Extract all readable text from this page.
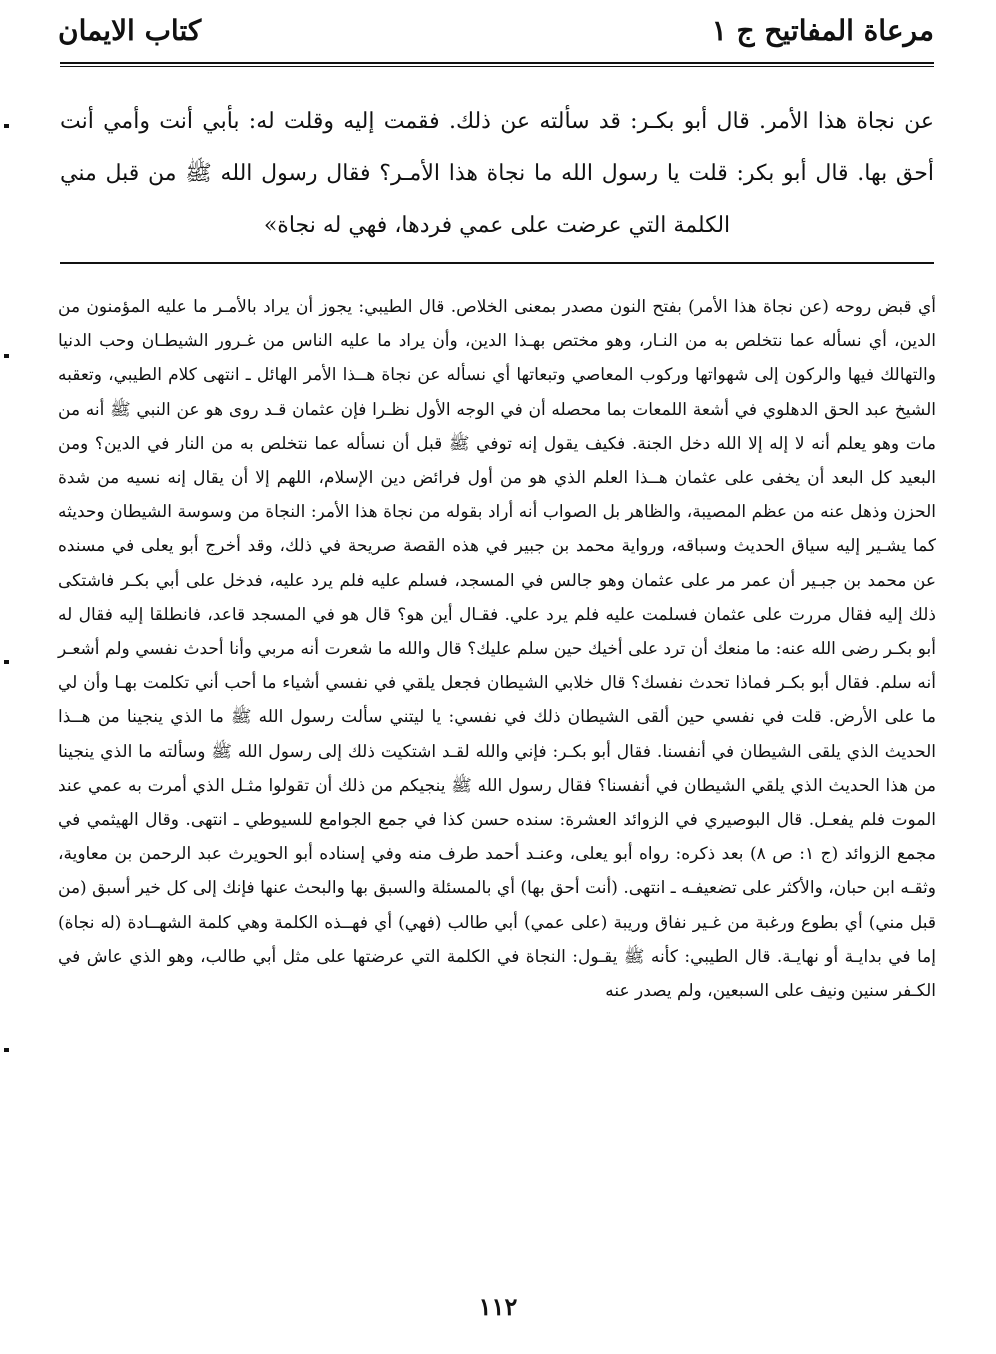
مرعاة المفاتيح ج ١
كتاب الايمان

عن نجاة هذا الأمر. قال أبو بكـر: قد سألته عن ذلك. فقمت إليه وقلت له: بأبي أنت وأمي أنت أحق بها. قال أبو بكر: قلت يا رسول الله ما نجاة هذا الأمـر؟ فقال رسول الله ﷺ من قبل مني الكلمة التي عرضت على عمي فردها، فهي له نجاة»

أي قبض روحه (عن نجاة هذا الأمر) بفتح النون مصدر بمعنى الخلاص. قال الطيبي: يجوز أن يراد بالأمـر ما عليه المؤمنون من الدين، أي نسأله عما نتخلص به من النـار، وهو مختص بهـذا الدين، وأن يراد ما عليه الناس من غـرور الشيطـان وحب الدنيا والتهالك فيها والركون إلى شهواتها وركوب المعاصي وتبعاتها أي نسأله عن نجاة هــذا الأمر الهائل ـ انتهى كلام الطيبي، وتعقبه الشيخ عبد الحق الدهلوي في أشعة اللمعات بما محصله أن في الوجه الأول نظـرا فإن عثمان قـد روى هو عن النبي ﷺ أنه من مات وهو يعلم أنه لا إله إلا الله دخل الجنة. فكيف يقول إنه توفي ﷺ قبل أن نسأله عما نتخلص به من النار في الدين؟ ومن البعيد كل البعد أن يخفى على عثمان هــذا العلم الذي هو من أول فرائض دين الإسلام، اللهم إلا أن يقال إنه نسيه من شدة الحزن وذهل عنه من عظم المصيبة، والظاهر بل الصواب أنه أراد بقوله من نجاة هذا الأمر: النجاة من وسوسة الشيطان وحديثه كما يشـير إليه سياق الحديث وسباقه، ورواية محمد بن جبير في هذه القصة صريحة في ذلك، وقد أخرج أبو يعلى في مسنده عن محمد بن جبـير أن عمر مر على عثمان وهو جالس في المسجد، فسلم عليه فلم يرد عليه، فدخل على أبي بكـر فاشتكى ذلك إليه فقال مررت على عثمان فسلمت عليه فلم يرد علي. فقـال أين هو؟ قال هو في المسجد قاعد، فانطلقا إليه فقال له أبو بكـر رضى الله عنه: ما منعك أن ترد على أخيك حين سلم عليك؟ قال والله ما شعرت أنه مربي وأنا أحدث نفسي ولم أشعـر أنه سلم. فقال أبو بكـر فماذا تحدث نفسك؟ قال خلابي الشيطان فجعل يلقي في نفسي أشياء ما أحب أني تكلمت بهـا وأن لي ما على الأرض. قلت في نفسي حين ألقى الشيطان ذلك في نفسي: يا ليتني سألت رسول الله ﷺ ما الذي ينجينا من هــذا الحديث الذي يلقى الشيطان في أنفسنا. فقال أبو بكـر: فإني والله لقـد اشتكيت ذلك إلى رسول الله ﷺ وسألته ما الذي ينجينا من هذا الحديث الذي يلقي الشيطان في أنفسنا؟ فقال رسول الله ﷺ ينجيكم من ذلك أن تقولوا مثـل الذي أمرت به عمي عند الموت فلم يفعـل. قال البوصيري في الزوائد العشرة: سنده حسن كذا في جمع الجوامع للسيوطي ـ انتهى. وقال الهيثمي في مجمع الزوائد (ج ١: ص ٨) بعد ذكره: رواه أبو يعلى، وعنـد أحمد طرف منه وفي إسناده أبو الحويرث عبد الرحمن بن معاوية، وثقـه ابن حبان، والأكثر على تضعيفـه ـ انتهى. (أنت أحق بها) أي بالمسئلة والسبق بها والبحث عنها فإنك إلى كل خير أسبق (من قبل مني) أي بطوع ورغبة من غـير نفاق وريبة (على عمي) أبي طالب (فهي) أي فهــذه الكلمة وهي كلمة الشهــادة (له نجاة) إما في بدايـة أو نهايـة. قال الطيبي: كأنه ﷺ يقـول: النجاة في الكلمة التي عرضتها على مثل أبي طالب، وهو الذي عاش في الكـفر سنين ونيف على السبعين، ولم يصدر عنه

١١٢
